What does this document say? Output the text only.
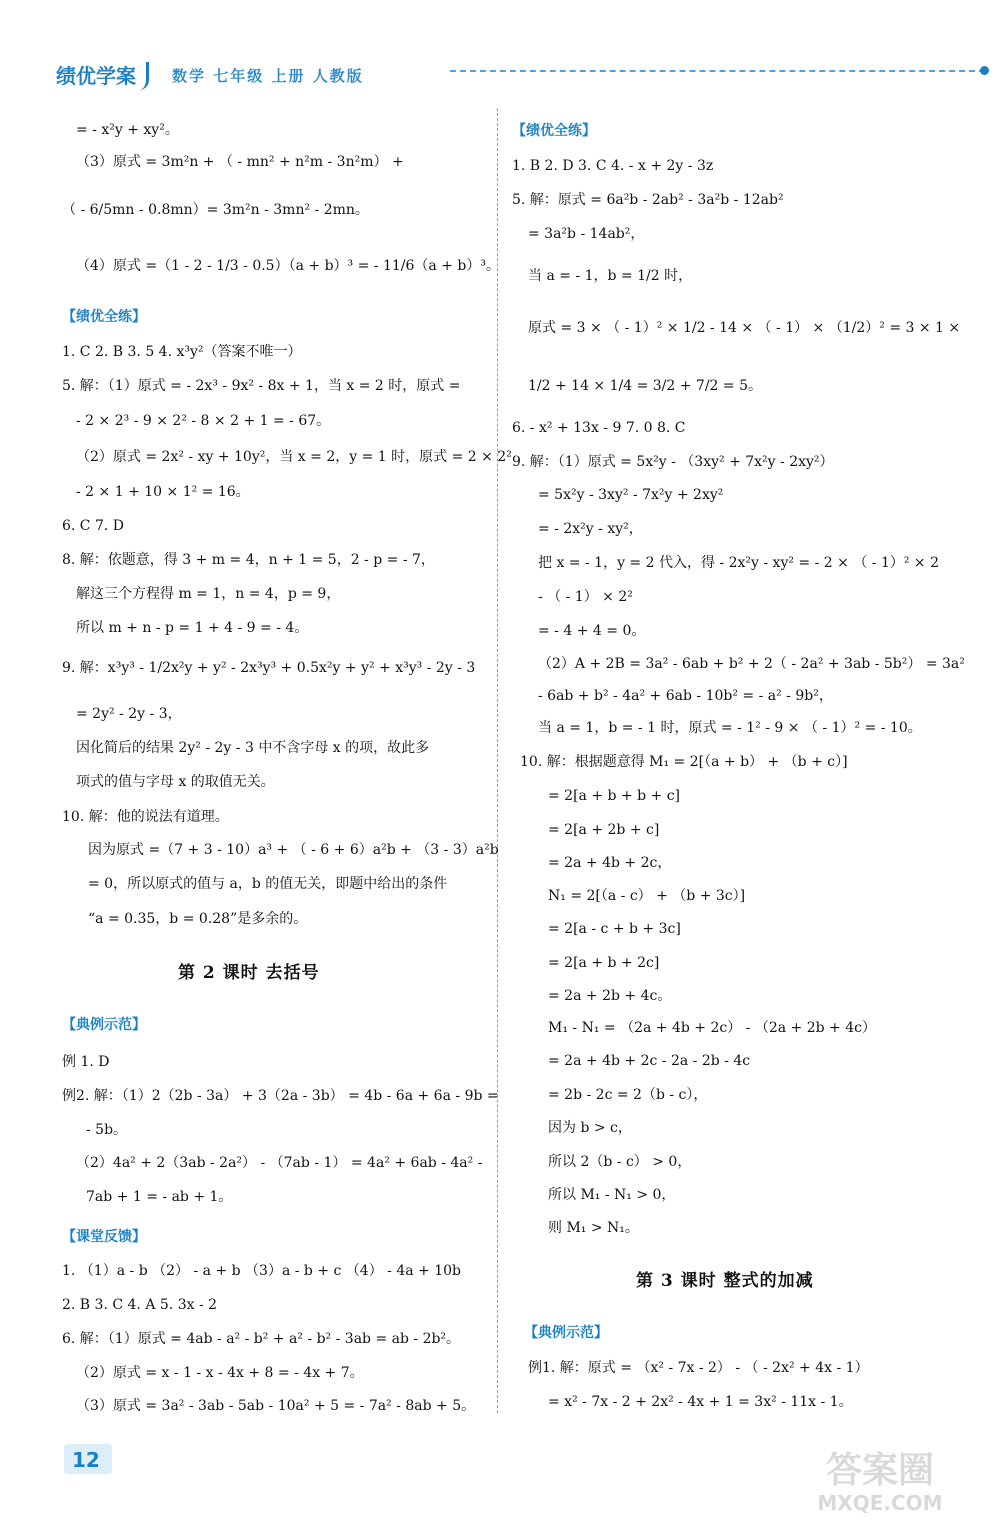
绩优学案	数学 七年级 上册 人教版
= - x²y + xy²。
（3）原式 = 3m²n + （ - mn² + n²m - 3n²m） +
（ - 6/5mn - 0.8mn）= 3m²n - 3mn² - 2mn。
（4）原式 =（1 - 2 - 1/3 - 0.5）（a + b）³ = - 11/6（a + b）³。
【绩优全练】
1. C 2. B 3. 5 4. x³y²（答案不唯一）
5. 解：（1）原式 = - 2x³ - 9x² - 8x + 1，当 x = 2 时，原式 =
- 2 × 2³ - 9 × 2² - 8 × 2 + 1 = - 67。
（2）原式 = 2x² - xy + 10y²，当 x = 2，y = 1 时，原式 = 2 × 2²
- 2 × 1 + 10 × 1² = 16。
6. C 7. D
8. 解：依题意，得 3 + m = 4，n + 1 = 5，2 - p = - 7，
解这三个方程得 m = 1，n = 4，p = 9，
所以 m + n - p = 1 + 4 - 9 = - 4。
9. 解：x³y³ - 1/2x²y + y² - 2x³y³ + 0.5x²y + y² + x³y³ - 2y - 3
= 2y² - 2y - 3，
因化简后的结果 2y² - 2y - 3 中不含字母 x 的项，故此多
项式的值与字母 x 的取值无关。
10. 解：他的说法有道理。
因为原式 =（7 + 3 - 10）a³ + （ - 6 + 6）a²b + （3 - 3）a²b
= 0，所以原式的值与 a，b 的值无关，即题中给出的条件
“a = 0.35，b = 0.28”是多余的。
第 2 课时 去括号
【典例示范】
例 1. D
例2. 解：（1）2（2b - 3a） + 3（2a - 3b） = 4b - 6a + 6a - 9b =
- 5b。
（2）4a² + 2（3ab - 2a²） - （7ab - 1） = 4a² + 6ab - 4a² -
7ab + 1 = - ab + 1。
【课堂反馈】
1. （1）a - b （2） - a + b （3）a - b + c （4） - 4a + 10b
2. B 3. C 4. A 5. 3x - 2
6. 解：（1）原式 = 4ab - a² - b² + a² - b² - 3ab = ab - 2b²。
（2）原式 = x - 1 - x - 4x + 8 = - 4x + 7。
（3）原式 = 3a² - 3ab - 5ab - 10a² + 5 = - 7a² - 8ab + 5。
【绩优全练】
1. B 2. D 3. C 4. - x + 2y - 3z
5. 解：原式 = 6a²b - 2ab² - 3a²b - 12ab²
= 3a²b - 14ab²，
当 a = - 1，b = 1/2 时，
原式 = 3 × （ - 1）² × 1/2 - 14 × （ - 1） × （1/2）² = 3 × 1 ×
1/2 + 14 × 1/4 = 3/2 + 7/2 = 5。
6. - x² + 13x - 9 7. 0 8. C
9. 解：（1）原式 = 5x²y - （3xy² + 7x²y - 2xy²）
= 5x²y - 3xy² - 7x²y + 2xy²
= - 2x²y - xy²，
把 x = - 1，y = 2 代入，得 - 2x²y - xy² = - 2 × （ - 1）² × 2
- （ - 1） × 2²
= - 4 + 4 = 0。
（2）A + 2B = 3a² - 6ab + b² + 2（ - 2a² + 3ab - 5b²） = 3a²
- 6ab + b² - 4a² + 6ab - 10b² = - a² - 9b²，
当 a = 1，b = - 1 时，原式 = - 1² - 9 × （ - 1）² = - 10。
10. 解：根据题意得 M₁ = 2[（a + b） + （b + c）]
= 2[a + b + b + c]
= 2[a + 2b + c]
= 2a + 4b + 2c，
N₁ = 2[（a - c） + （b + 3c）]
= 2[a - c + b + 3c]
= 2[a + b + 2c]
= 2a + 2b + 4c。
M₁ - N₁ = （2a + 4b + 2c） - （2a + 2b + 4c）
= 2a + 4b + 2c - 2a - 2b - 4c
= 2b - 2c = 2（b - c），
因为 b > c，
所以 2（b - c） > 0，
所以 M₁ - N₁ > 0，
则 M₁ > N₁。
第 3 课时 整式的加减
【典例示范】
例1. 解：原式 = （x² - 7x - 2） - （ - 2x² + 4x - 1）
= x² - 7x - 2 + 2x² - 4x + 1 = 3x² - 11x - 1。
12	答案圈
MXQE.COM
